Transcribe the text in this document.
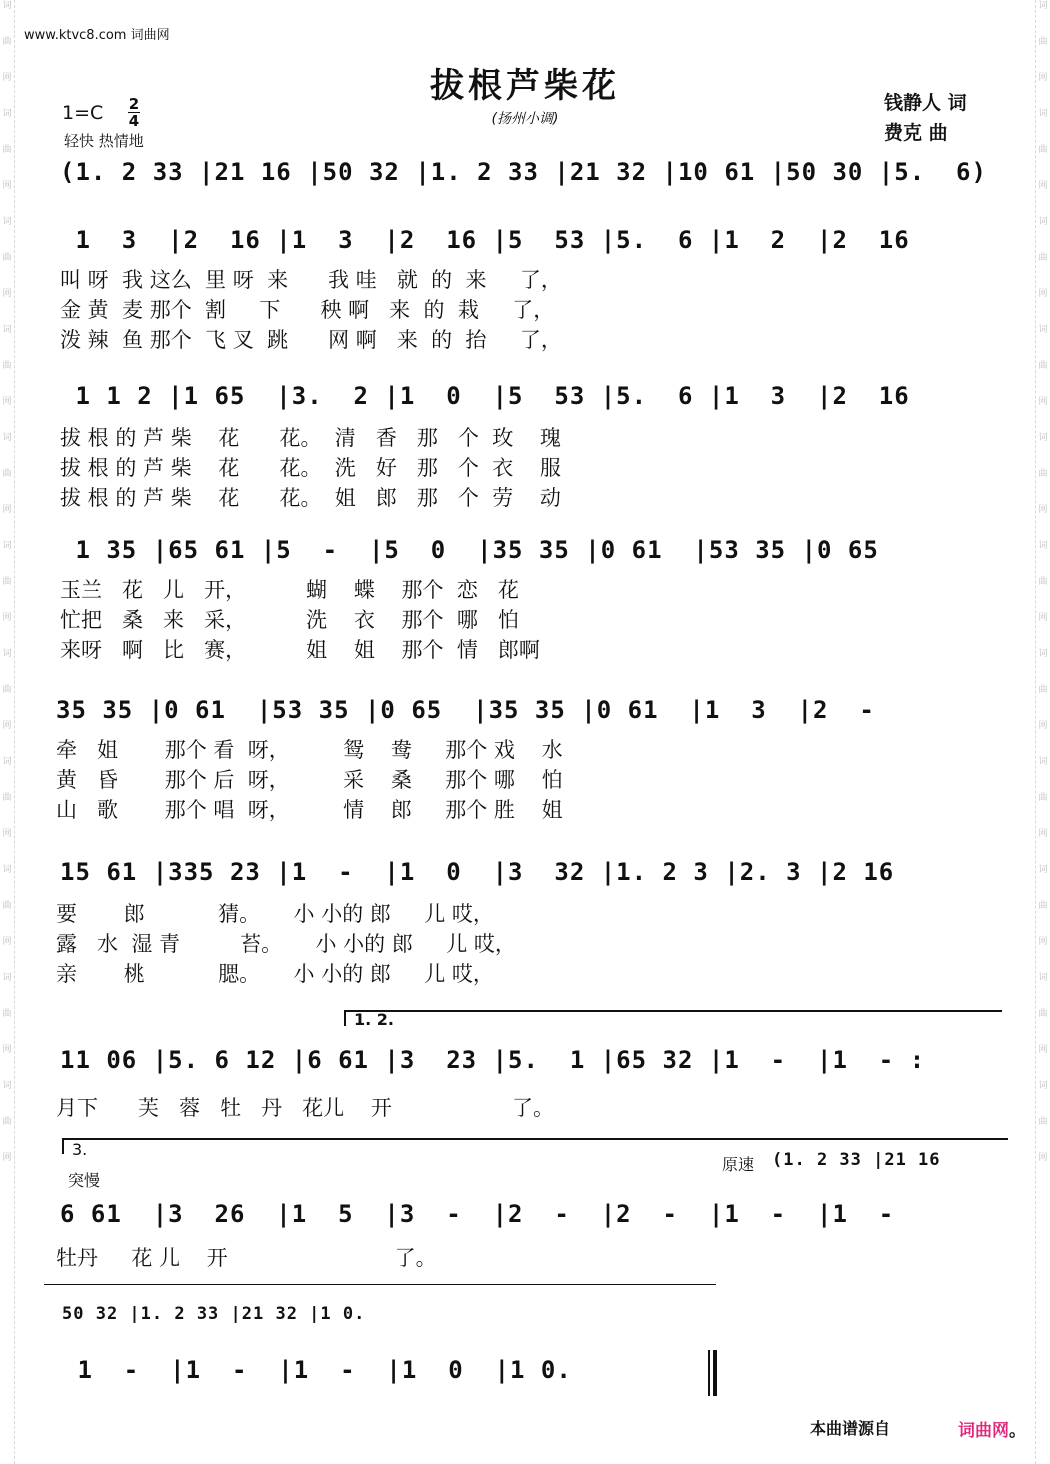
词
曲
网
词
曲
网
词
曲
网
词
曲
网
词
曲
网
词
曲
网
词
曲
网
词
曲
网
词
曲
网
词
曲
网
词
曲
网
词
曲
网
词
曲
网
词
曲
网
词
曲
网
词
曲
网
词
曲
网
词
曲
网
词
曲
网
词
曲
网
词
曲
网
词
曲
网
www.ktvc8.com 词曲网
拔根芦柴花
(扬州小调)
钱静人 词
费克 曲
1=C 2
4
轻快 热情地
(1. 2 33 |21 16 |50 32 |1. 2 33 |21 32 |10 61 |50 30 |5.  6)
1  3  |2  16 |1  3  |2  16 |5  53 |5.  6 |1  2  |2  16
叫 呀  我 这么  里 呀  来      我 哇   就  的  来     了，
金 黄  麦 那个  割     下      秧 啊   来  的  栽     了，
泼 辣  鱼 那个  飞 叉  跳      网 啊   来  的  抬     了，
1 1 2 |1 65  |3.  2 |1  0  |5  53 |5.  6 |1  3  |2  16
拔 根 的 芦 柴    花      花。  清   香   那   个  玫    瑰
拔 根 的 芦 柴    花      花。  洗   好   那   个  衣    服
拔 根 的 芦 柴    花      花。  姐   郎   那   个  劳    动
1 35 |65 61 |5  -  |5  0  |35 35 |0 61  |53 35 |0 65
玉兰   花   儿   开，         蝴    蝶    那个  恋   花
忙把   桑   来   采，         洗    衣    那个  哪   怕
来呀   啊   比   赛，         姐    姐    那个  情   郎啊
35 35 |0 61  |53 35 |0 65  |35 35 |0 61  |1  3  |2  -
牵   姐       那个 看  呀，        鸳    鸯     那个 戏    水
黄   昏       那个 后  呀，        采    桑     那个 哪    怕
山   歌       那个 唱  呀，        情    郎     那个 胜    姐
15 61 |335 23 |1  -  |1  0  |3  32 |1. 2 3 |2. 3 |2 16
要       郎           猜。     小 小的 郎     儿 哎，
露   水  湿 青         苔。     小 小的 郎     儿 哎，
亲       桃           腮。     小 小的 郎     儿 哎，
1. 2.
11 06 |5. 6 12 |6 61 |3  23 |5.  1 |65 32 |1  -  |1  - :
月下      芙   蓉   牡   丹   花儿    开                  了。
3.
突慢
原速 (1. 2 33 |21 16
6 61  |3  26  |1  5  |3  -  |2  -  |2  -  |1  -  |1  -
牡丹     花 儿    开                         了。
50 32 |1. 2 33 |21 32 |1 0.
1  -  |1  -  |1  -  |1  0  |1 0.
本曲谱源自	词曲网。
